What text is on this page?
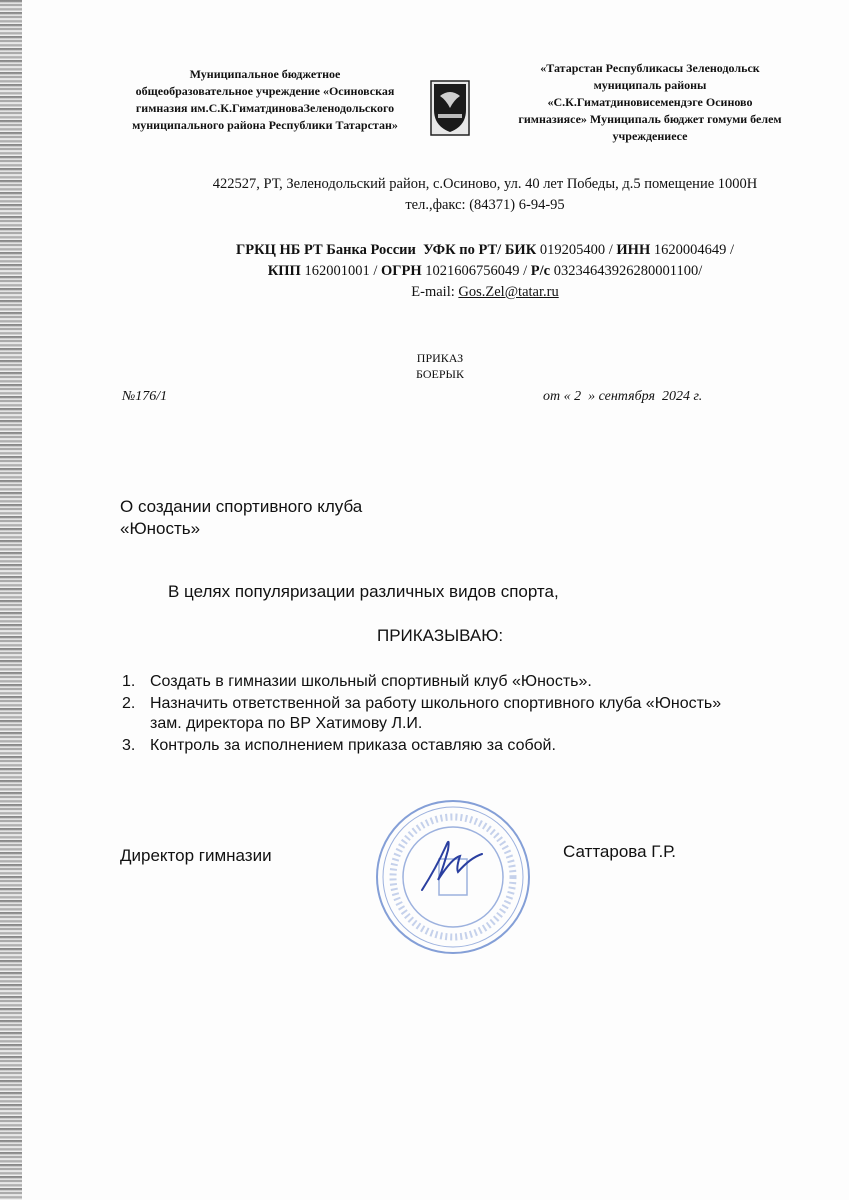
Муниципальное бюджетное общеобразовательное учреждение «Осиновская гимназия им.С.К.ГиматдиноваЗеленодольского муниципального района Республики Татарстан»
«Татарстан Республикасы Зеленодольск муниципаль районы «С.К.Гиматдиновисемендэге Осиново гимназиясе» Муниципаль бюджет гомуми белем учреждениесе
422527, РТ, Зеленодольский район, с.Осиново, ул. 40 лет Победы, д.5 помещение 1000Н
тел.,факс: (84371) 6-94-95
ГРКЦ НБ РТ Банка России УФК по РТ/ БИК 019205400 / ИНН 1620004649 /
КПП 162001001 / ОГРН 1021606756049 / Р/с 03234643926280001100/
E-mail: Gos.Zel@tatar.ru
ПРИКАЗ
БОЕРЫК
№176/1	от « 2  » сентября  2024 г.
О создании спортивного клуба «Юность»
В целях популяризации различных видов спорта,
ПРИКАЗЫВАЮ:
1. Создать в гимназии школьный спортивный клуб «Юность».
2. Назначить ответственной за работу школьного спортивного клуба «Юность» зам. директора по ВР Хатимову Л.И.
3. Контроль за исполнением приказа оставляю за собой.
Директор гимназии	Саттарова Г.Р.
